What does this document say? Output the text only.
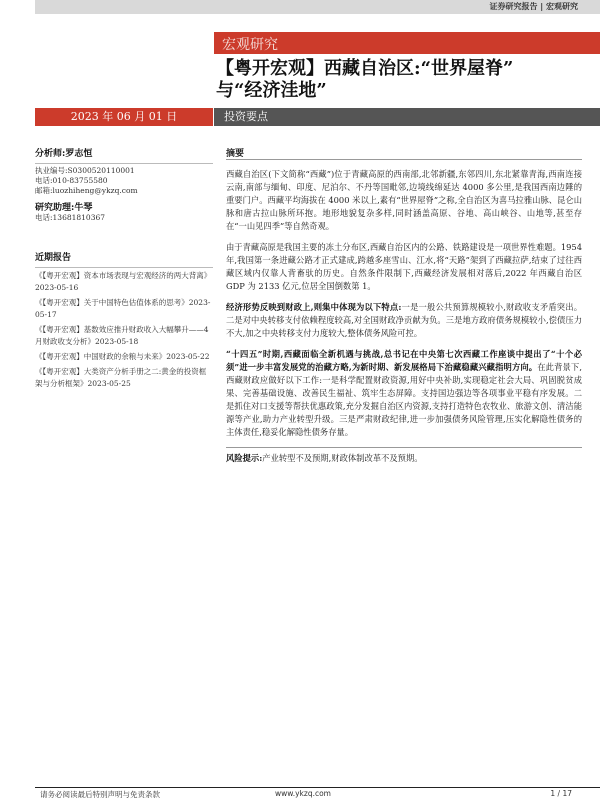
证券研究报告 | 宏观研究
宏观研究
【粤开宏观】西藏自治区:“世界屋脊”
与“经济洼地”
2023 年 06 月 01 日	投资要点
分析师:罗志恒
执业编号:S0300520110001
电话:010-83755580
邮箱:luozhiheng@ykzq.com
研究助理:牛琴
电话:13681810367
近期报告
《【粤开宏观】资本市场表现与宏观经济的两大背离》2023-05-16
《【粤开宏观】关于中国特色估值体系的思考》2023-05-17
《【粤开宏观】基数效应推升财政收入大幅攀升——4 月财政收支分析》2023-05-18
《【粤开宏观】中国财政的余粮与未来》2023-05-22
《【粤开宏观】大类资产分析手册之二:黄金的投资框架与分析框架》2023-05-25
摘要

西藏自治区(下文简称“西藏”)位于青藏高原的西南部,北邻新疆,东邻四川,东北紧靠青海,西南连接云南,南部与缅甸、印度、尼泊尔、不丹等国毗邻,边境线绵延达 4000 多公里,是我国西南边陲的重要门户。西藏平均海拔在 4000 米以上,素有“世界屋脊”之称,全自治区为喜马拉雅山脉、昆仑山脉和唐古拉山脉所环抱。地形地貌复杂多样,同时涵盖高原、谷地、高山峡谷、山地等,甚至存在“一山见四季”等自然奇观。

由于青藏高原是我国主要的冻土分布区,西藏自治区内的公路、铁路建设是一项世界性难题。1954 年,我国第一条进藏公路才正式建成,跨越多座雪山、江水,将“天路”架到了西藏拉萨,结束了过往西藏区域内仅靠人背畜驮的历史。自然条件限制下,西藏经济发展相对落后,2022 年西藏自治区 GDP 为 2133 亿元,位居全国倒数第 1。

经济形势反映到财政上,则集中体现为以下特点:一是一般公共预算规模较小,财政收支矛盾突出。二是对中央转移支付依赖程度较高,对全国财政净贡献为负。三是地方政府债务规模较小,偿债压力不大,加之中央转移支付力度较大,整体债务风险可控。

“十四五”时期,西藏面临全新机遇与挑战,总书记在中央第七次西藏工作座谈中提出了“十个必须”进一步丰富发展党的治藏方略,为新时期、新发展格局下治藏稳藏兴藏指明方向。在此背景下,西藏财政应做好以下工作:一是科学配置财政资源,用好中央补助,实现稳定社会大局、巩固脱贫成果、完善基础设施、改善民生福祉、筑牢生态屏障。支持国边强边等各项事业平稳有序发展。二是抓住对口支援等帮扶优惠政策,充分发掘自治区内资源,支持打造特色农牧业、旅游文创、清洁能源等产业,助力产业转型升级。三是严肃财政纪律,进一步加强债务风险管理,压实化解隐性债务的主体责任,稳妥化解隐性债务存量。

风险提示:产业转型不及预期,财政体制改革不及预期。

请务必阅读最后特别声明与免责条款	www.ykzq.com	1 / 17
